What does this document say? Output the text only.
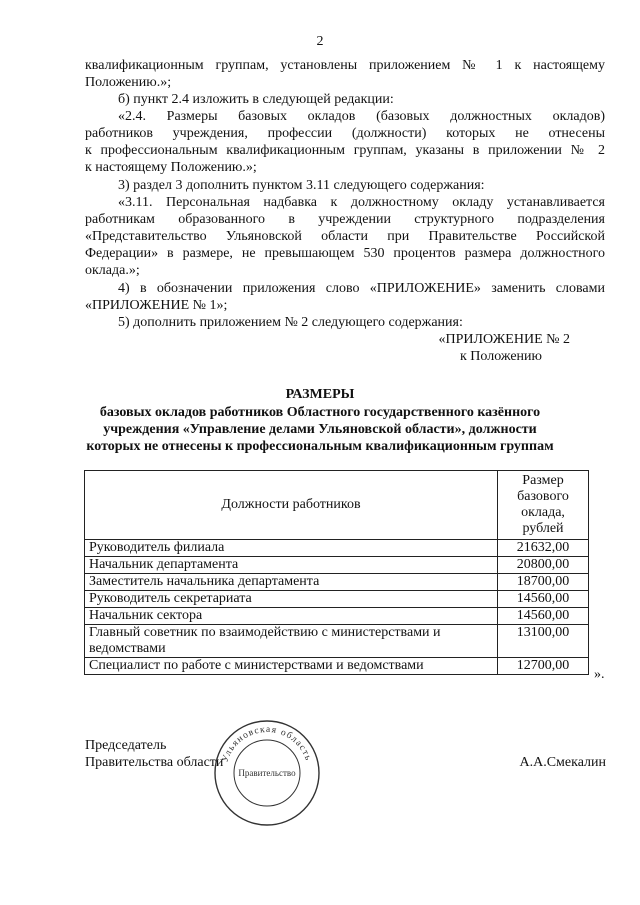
2
квалификационным группам, установлены приложением № 1 к настоящему
Положению.»;
б) пункт 2.4 изложить в следующей редакции:
«2.4. Размеры базовых окладов (базовых должностных окладов)
работников учреждения, профессии (должности) которых не отнесены
к профессиональным квалификационным группам, указаны в приложении № 2
к настоящему Положению.»;
3) раздел 3 дополнить пунктом 3.11 следующего содержания:
«3.11. Персональная надбавка к должностному окладу устанавливается
работникам образованного в учреждении структурного подразделения
«Представительство Ульяновской области при Правительстве Российской
Федерации» в размере, не превышающем 530 процентов размера должностного
оклада.»;
4) в обозначении приложения слово «ПРИЛОЖЕНИЕ» заменить словами
«ПРИЛОЖЕНИЕ № 1»;
5) дополнить приложением № 2 следующего содержания:
«ПРИЛОЖЕНИЕ № 2
к Положению
РАЗМЕРЫ
базовых окладов работников Областного государственного казённого
учреждения «Управление делами Ульяновской области», должности
которых не отнесены к профессиональным квалификационным группам
Должности работников	Размер
базового
оклада,
рублей

Руководитель филиала	21632,00
Начальник департамента	20800,00
Заместитель начальника департамента	18700,00
Руководитель секретариата	14560,00
Начальник сектора	14560,00
Главный советник по взаимодействию с министерствами и ведомствами	13100,00
Специалист по работе с министерствами и ведомствами	12700,00
».
Председатель
Правительства области	А.А.Смекалин
Ульяновская область
Правительство
